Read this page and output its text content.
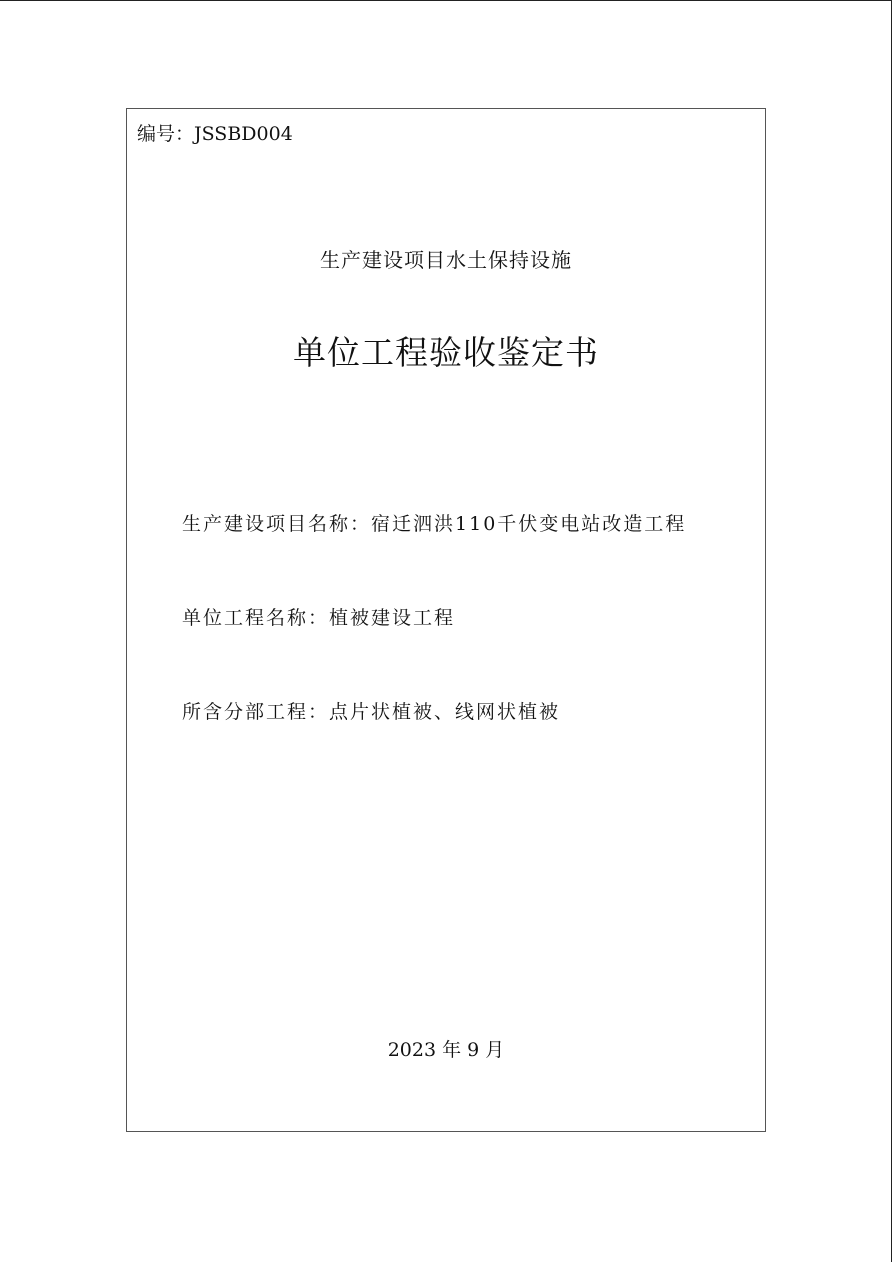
编号：JSSBD004
生产建设项目水土保持设施
单位工程验收鉴定书
生产建设项目名称：宿迁泗洪110千伏变电站改造工程
单位工程名称：植被建设工程
所含分部工程：点片状植被、线网状植被
2023 年 9 月
